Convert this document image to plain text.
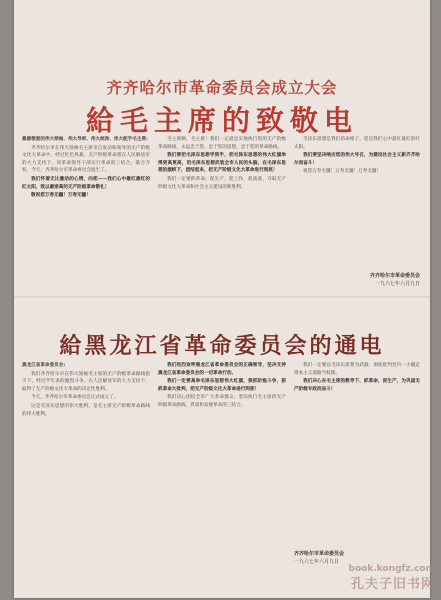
齐齐哈尔市革命委员会成立大会
給毛主席的致敬电

最最敬爱的伟大领袖、伟大导师、伟大统帅、伟大舵手毛主席:

齐齐哈尔市在伟大领袖毛主席亲自发动和领导的无产阶级文化大革命中，经过红色风暴，无产阶级革命派在人民解放军的大力支持下，同革命领导干部实行革命的三结合，联合夺权，今天，齐齐哈尔市革命委员会诞生了。

我们怀着无比激动的心情，向您——我们心中最红最红的红太阳，致以最崇高的无产阶级革命敬礼！

敬祝您万寿无疆！万寿无疆！

毛主席啊，毛主席！我们一定最忠实地执行您的无产阶级革命路线，永远忠于您，忠于您的思想，忠于您的革命路线。

我们要把毛泽东思想学到手，把毛泽东思想的伟大红旗举得更高更高，用毛泽东思想武装全市人民的头脑，在毛泽东思想的旗帜下，团结起来，把无产阶级文化大革命进行到底！

我们一定要抓革命，促生产，促工作，促战备，夺取无产阶级文化大革命和社会主义建设的新胜利。

毛泽东思想是我们的命根子，您是我们心中最红最红的红太阳。

我们要坚决响应您的伟大号召，为建设社会主义新齐齐哈尔而奋斗！

祝您万寿无疆！万寿无疆！万寿无疆！

齐齐哈尔市革命委员会
一九六七年六月九日
給黑龙江省革命委员会的通电

黑龙江省革命委员会:

我们齐齐哈尔市在伟大领袖毛主席的无产阶级革命路线指引下，经过半年多的激烈斗争，在人民解放军的大力支持下，取得了无产阶级文化大革命的决定性胜利。

今天，齐齐哈尔市革命委员会正式成立了。

这是毛泽东思想的伟大胜利，是毛主席无产阶级革命路线的伟大胜利。

我们热烈欢呼黑龙江省革命委员会的正确领导，坚决支持黑龙江省革命委员会的一切革命行动。

我们一定要高举毛泽东思想伟大红旗，狠抓阶级斗争，狠抓革命大批判，把无产阶级文化大革命进行到底！

我们决心团结全市广大革命群众，坚决执行毛主席的无产阶级革命路线，巩固和发展革命的三结合。

我们一定要以毛泽东思想为武器，彻底批判党内一小撮走资本主义道路当权派。

我们决心在毛主席的教导下，抓革命，促生产，为巩固无产阶级专政而奋斗！

齐齐哈尔市革命委员会
一九六七年六月九日
book.kongfz.com
孔夫子旧书网
